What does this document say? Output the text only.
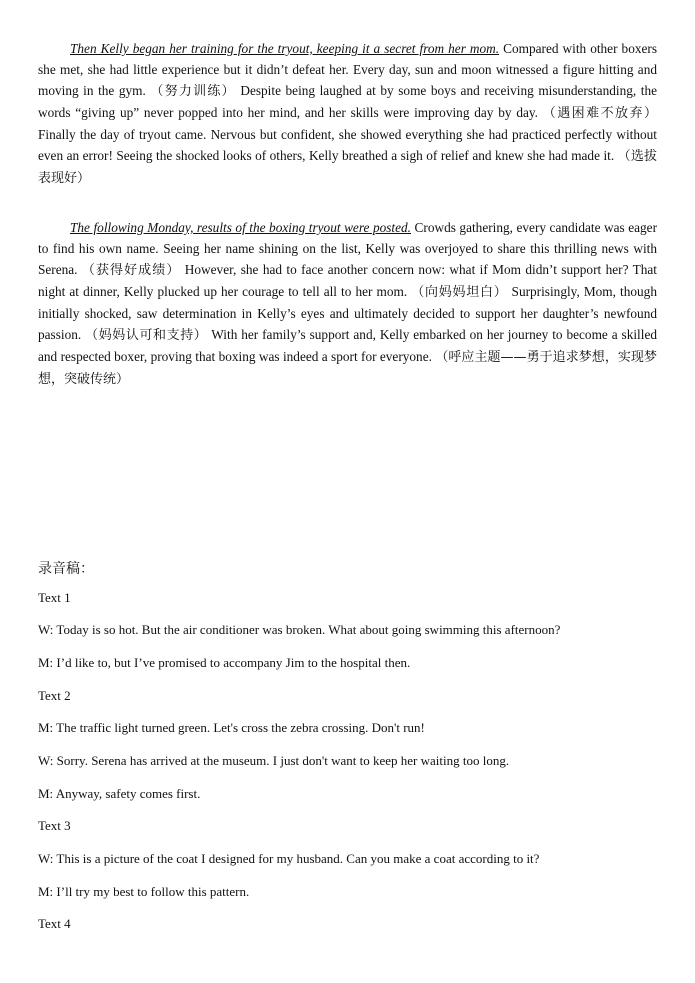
Then Kelly began her training for the tryout, keeping it a secret from her mom. Compared with other boxers she met, she had little experience but it didn’t defeat her. Every day, sun and moon witnessed a figure hitting and moving in the gym. （努力训练） Despite being laughed at by some boys and receiving misunderstanding, the words “giving up” never popped into her mind, and her skills were improving day by day. （遇困难不放弃） Finally the day of tryout came. Nervous but confident, she showed everything she had practiced perfectly without even an error! Seeing the shocked looks of others, Kelly breathed a sigh of relief and knew she had made it. （选拔表现好）

The following Monday, results of the boxing tryout were posted. Crowds gathering, every candidate was eager to find his own name. Seeing her name shining on the list, Kelly was overjoyed to share this thrilling news with Serena. （获得好成绩） However, she had to face another concern now: what if Mom didn’t support her? That night at dinner, Kelly plucked up her courage to tell all to her mom. （向妈妈坦白） Surprisingly, Mom, though initially shocked, saw determination in Kelly’s eyes and ultimately decided to support her daughter’s newfound passion. （妈妈认可和支持） With her family’s support and, Kelly embarked on her journey to become a skilled and respected boxer, proving that boxing was indeed a sport for everyone. （呼应主题——勇于追求梦想，实现梦想，突破传统）

录音稿：

Text 1

W: Today is so hot. But the air conditioner was broken. What about going swimming this afternoon?

M: I’d like to, but I’ve promised to accompany Jim to the hospital then.

Text 2

M: The traffic light turned green. Let's cross the zebra crossing. Don't run!

W: Sorry. Serena has arrived at the museum. I just don't want to keep her waiting too long.

M: Anyway, safety comes first.

Text 3

W: This is a picture of the coat I designed for my husband. Can you make a coat according to it?

M: I’ll try my best to follow this pattern.

Text 4
